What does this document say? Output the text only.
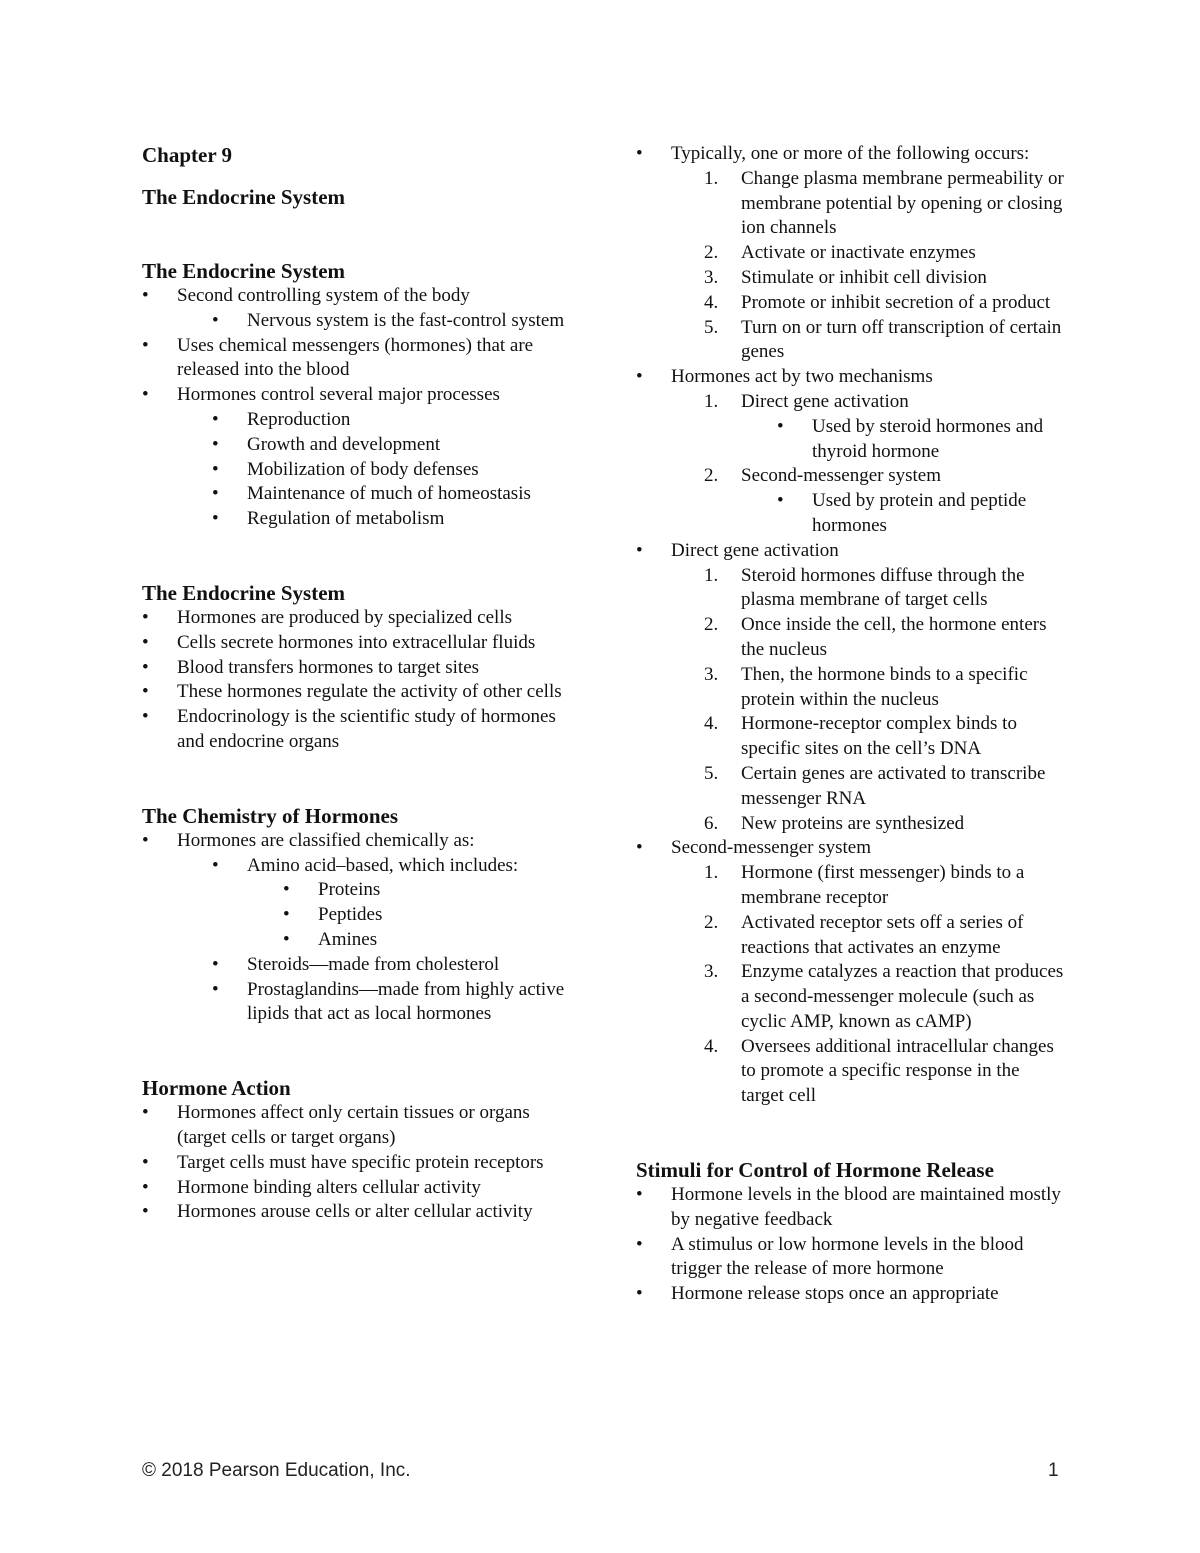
Chapter 9
The Endocrine System
The Endocrine System
• Second controlling system of the body
• Nervous system is the fast-control system
• Uses chemical messengers (hormones) that are released into the blood
• Hormones control several major processes
• Reproduction
• Growth and development
• Mobilization of body defenses
• Maintenance of much of homeostasis
• Regulation of metabolism
The Endocrine System
• Hormones are produced by specialized cells
• Cells secrete hormones into extracellular fluids
• Blood transfers hormones to target sites
• These hormones regulate the activity of other cells
• Endocrinology is the scientific study of hormones and endocrine organs
The Chemistry of Hormones
• Hormones are classified chemically as:
• Amino acid–based, which includes:
• Proteins
• Peptides
• Amines
• Steroids—made from cholesterol
• Prostaglandins—made from highly active lipids that act as local hormones
Hormone Action
• Hormones affect only certain tissues or organs (target cells or target organs)
• Target cells must have specific protein receptors
• Hormone binding alters cellular activity
• Hormones arouse cells or alter cellular activity
• Typically, one or more of the following occurs:
1. Change plasma membrane permeability or membrane potential by opening or closing ion channels
2. Activate or inactivate enzymes
3. Stimulate or inhibit cell division
4. Promote or inhibit secretion of a product
5. Turn on or turn off transcription of certain genes
• Hormones act by two mechanisms
1. Direct gene activation
• Used by steroid hormones and thyroid hormone
2. Second-messenger system
• Used by protein and peptide hormones
• Direct gene activation
1. Steroid hormones diffuse through the plasma membrane of target cells
2. Once inside the cell, the hormone enters the nucleus
3. Then, the hormone binds to a specific protein within the nucleus
4. Hormone-receptor complex binds to specific sites on the cell’s DNA
5. Certain genes are activated to transcribe messenger RNA
6. New proteins are synthesized
• Second-messenger system
1. Hormone (first messenger) binds to a membrane receptor
2. Activated receptor sets off a series of reactions that activates an enzyme
3. Enzyme catalyzes a reaction that produces a second-messenger molecule (such as cyclic AMP, known as cAMP)
4. Oversees additional intracellular changes to promote a specific response in the target cell
Stimuli for Control of Hormone Release
• Hormone levels in the blood are maintained mostly by negative feedback
• A stimulus or low hormone levels in the blood trigger the release of more hormone
• Hormone release stops once an appropriate
© 2018 Pearson Education, Inc.	1
